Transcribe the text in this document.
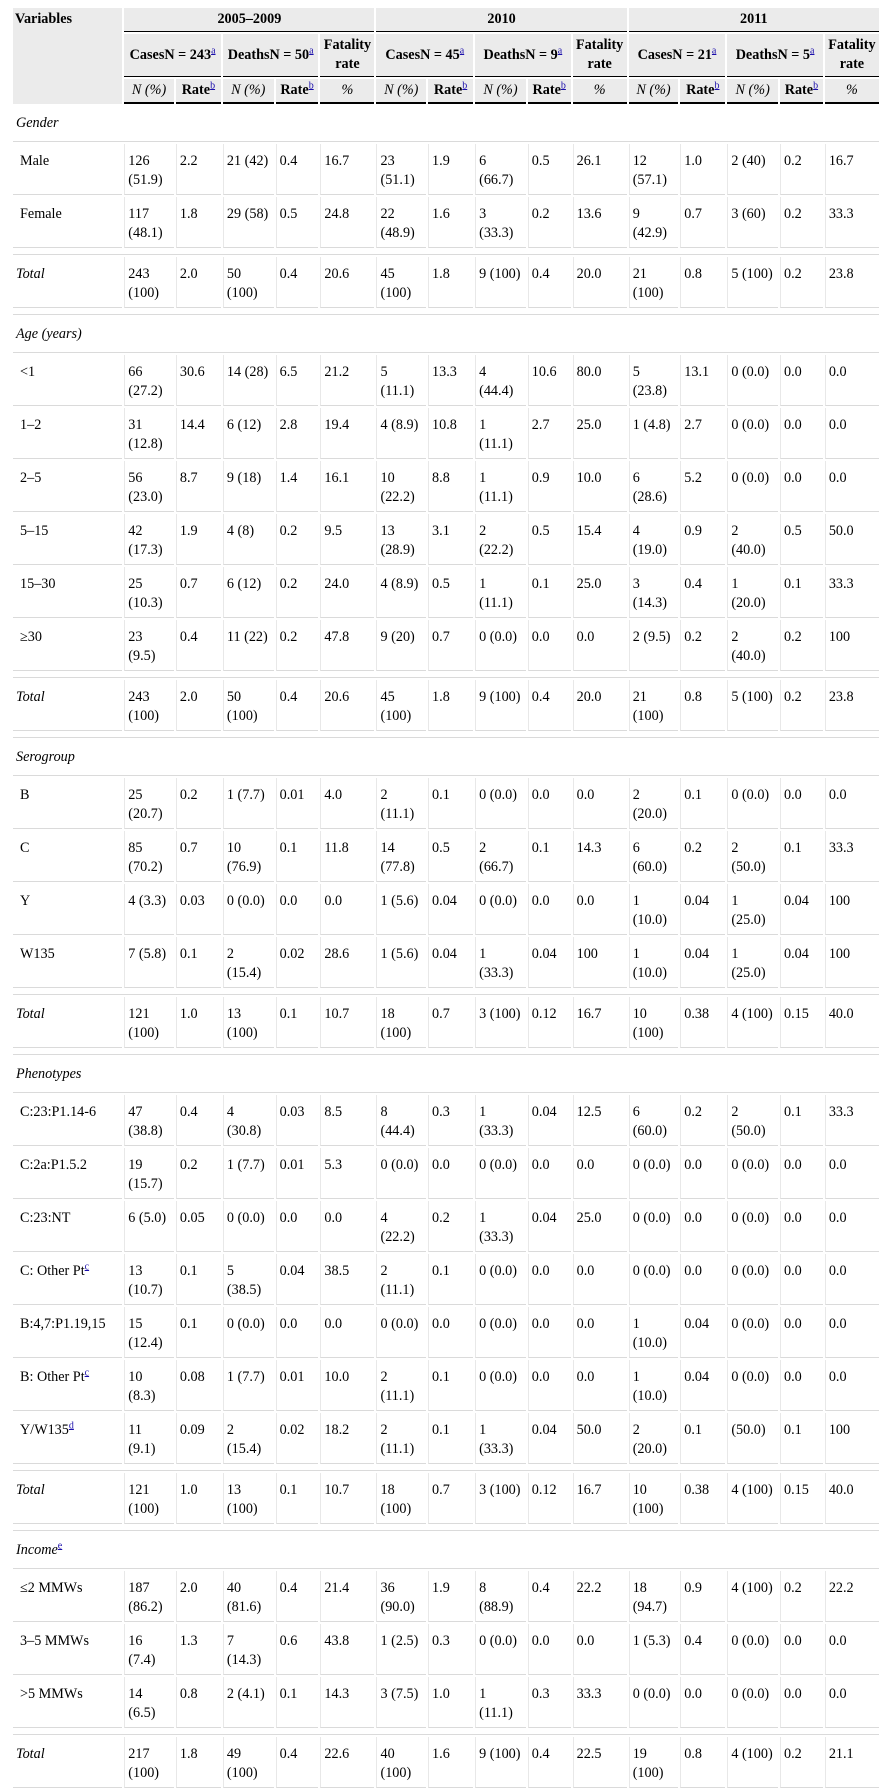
Variables	2005–2009					2010					2011				
	CasesN = $243^a$		DeathsN = $50^a$		Fatality rate	CasesN = $45^a$		DeathsN = $9^a$		Fatality rate	CasesN = $21^a$		DeathsN = $5^a$		Fatality rate
	N (%)	Rate$^b$	N (%)	Rate$^b$	%	N (%)	Rate$^b$	N (%)	Rate$^b$	%	N (%)	Rate$^b$	N (%)	Rate$^b$	%
Gender															
Male	126 (51.9)	2.2	21 (42)	0.4	16.7	23 (51.1)	1.9	6 (66.7)	0.5	26.1	12 (57.1)	1.0	2 (40)	0.2	16.7
Female	117 (48.1)	1.8	29 (58)	0.5	24.8	22 (48.9)	1.6	3 (33.3)	0.2	13.6	9 (42.9)	0.7	3 (60)	0.2	33.3

Total	243 (100)	2.0	50 (100)	0.4	20.6	45 (100)	1.8	9 (100)	0.4	20.0	21 (100)	0.8	5 (100)	0.2	23.8

Age (years)															
<1	66 (27.2)	30.6	14 (28)	6.5	21.2	5 (11.1)	13.3	4 (44.4)	10.6	80.0	5 (23.8)	13.1	0 (0.0)	0.0	0.0
1–2	31 (12.8)	14.4	6 (12)	2.8	19.4	4 (8.9)	10.8	1 (11.1)	2.7	25.0	1 (4.8)	2.7	0 (0.0)	0.0	0.0
2–5	56 (23.0)	8.7	9 (18)	1.4	16.1	10 (22.2)	8.8	1 (11.1)	0.9	10.0	6 (28.6)	5.2	0 (0.0)	0.0	0.0
5–15	42 (17.3)	1.9	4 (8)	0.2	9.5	13 (28.9)	3.1	2 (22.2)	0.5	15.4	4 (19.0)	0.9	2 (40.0)	0.5	50.0
15–30	25 (10.3)	0.7	6 (12)	0.2	24.0	4 (8.9)	0.5	1 (11.1)	0.1	25.0	3 (14.3)	0.4	1 (20.0)	0.1	33.3
≥30	23 (9.5)	0.4	11 (22)	0.2	47.8	9 (20)	0.7	0 (0.0)	0.0	0.0	2 (9.5)	0.2	2 (40.0)	0.2	100

Total	243 (100)	2.0	50 (100)	0.4	20.6	45 (100)	1.8	9 (100)	0.4	20.0	21 (100)	0.8	5 (100)	0.2	23.8

Serogroup															
B	25 (20.7)	0.2	1 (7.7)	0.01	4.0	2 (11.1)	0.1	0 (0.0)	0.0	0.0	2 (20.0)	0.1	0 (0.0)	0.0	0.0
C	85 (70.2)	0.7	10 (76.9)	0.1	11.8	14 (77.8)	0.5	2 (66.7)	0.1	14.3	6 (60.0)	0.2	2 (50.0)	0.1	33.3
Y	4 (3.3)	0.03	0 (0.0)	0.0	0.0	1 (5.6)	0.04	0 (0.0)	0.0	0.0	1 (10.0)	0.04	1 (25.0)	0.04	100
W135	7 (5.8)	0.1	2 (15.4)	0.02	28.6	1 (5.6)	0.04	1 (33.3)	0.04	100	1 (10.0)	0.04	1 (25.0)	0.04	100

Total	121 (100)	1.0	13 (100)	0.1	10.7	18 (100)	0.7	3 (100)	0.12	16.7	10 (100)	0.38	4 (100)	0.15	40.0

Phenotypes															
C:23:P1.14-6	47 (38.8)	0.4	4 (30.8)	0.03	8.5	8 (44.4)	0.3	1 (33.3)	0.04	12.5	6 (60.0)	0.2	2 (50.0)	0.1	33.3
C:2a:P1.5.2	19 (15.7)	0.2	1 (7.7)	0.01	5.3	0 (0.0)	0.0	0 (0.0)	0.0	0.0	0 (0.0)	0.0	0 (0.0)	0.0	0.0
C:23:NT	6 (5.0)	0.05	0 (0.0)	0.0	0.0	4 (22.2)	0.2	1 (33.3)	0.04	25.0	0 (0.0)	0.0	0 (0.0)	0.0	0.0
C: Other Pt$^c$	13 (10.7)	0.1	5 (38.5)	0.04	38.5	2 (11.1)	0.1	0 (0.0)	0.0	0.0	0 (0.0)	0.0	0 (0.0)	0.0	0.0
B:4,7:P1.19,15	15 (12.4)	0.1	0 (0.0)	0.0	0.0	0 (0.0)	0.0	0 (0.0)	0.0	0.0	1 (10.0)	0.04	0 (0.0)	0.0	0.0
B: Other Pt$^c$	10 (8.3)	0.08	1 (7.7)	0.01	10.0	2 (11.1)	0.1	0 (0.0)	0.0	0.0	1 (10.0)	0.04	0 (0.0)	0.0	0.0
Y/W135$^d$	11 (9.1)	0.09	2 (15.4)	0.02	18.2	2 (11.1)	0.1	1 (33.3)	0.04	50.0	2 (20.0)	0.1	(50.0)	0.1	100

Total	121 (100)	1.0	13 (100)	0.1	10.7	18 (100)	0.7	3 (100)	0.12	16.7	10 (100)	0.38	4 (100)	0.15	40.0

Income$^e$
≤2 MMWs	187 (86.2)	2.0	40 (81.6)	0.4	21.4	36 (90.0)	1.9	8 (88.9)	0.4	22.2	18 (94.7)	0.9	4 (100)	0.2	22.2
3–5 MMWs	16 (7.4)	1.3	7 (14.3)	0.6	43.8	1 (2.5)	0.3	0 (0.0)	0.0	0.0	1 (5.3)	0.4	0 (0.0)	0.0	0.0
>5 MMWs	14 (6.5)	0.8	2 (4.1)	0.1	14.3	3 (7.5)	1.0	1 (11.1)	0.3	33.3	0 (0.0)	0.0	0 (0.0)	0.0	0.0

Total	217 (100)	1.8	49 (100)	0.4	22.6	40 (100)	1.6	9 (100)	0.4	22.5	19 (100)	0.8	4 (100)	0.2	21.1
